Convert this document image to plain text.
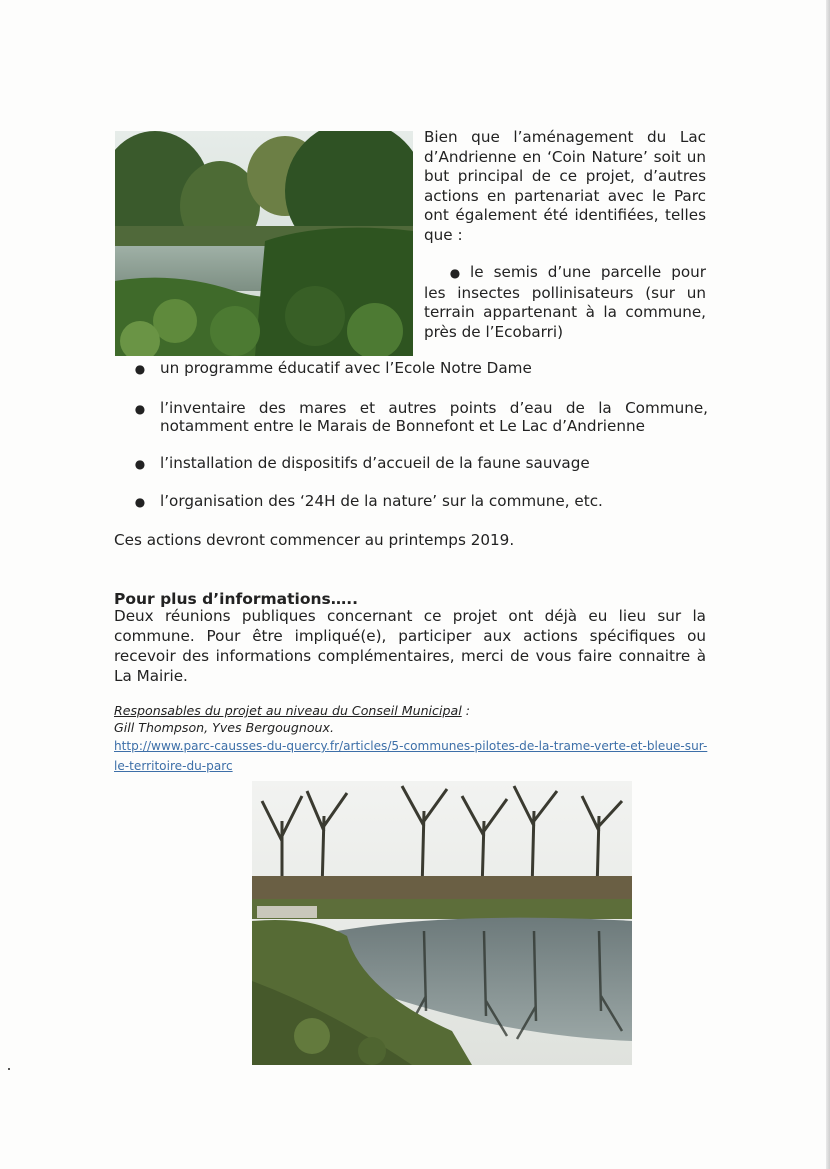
Bien que l’aménagement du Lac d’Andrienne en ‘Coin Nature’ soit un but principal de ce projet, d’autres actions en partenariat avec le Parc ont également été identifiées, telles que :
● le semis d’une parcelle pour les insectes pollinisateurs (sur un terrain appartenant à la commune, près de l’Ecobarri)
● un programme éducatif avec l’Ecole Notre Dame
● l’inventaire des mares et autres points d’eau de la Commune, notamment entre le Marais de Bonnefont et Le Lac d’Andrienne
● l’installation de dispositifs d’accueil de la faune sauvage
● l’organisation des ‘24H de la nature’ sur la commune, etc.
Ces actions devront commencer au printemps 2019.
Pour plus d’informations…..
Deux réunions publiques concernant ce projet ont déjà eu lieu sur la commune. Pour être impliqué(e), participer aux actions spécifiques ou recevoir des informations complémentaires, merci de vous faire connaitre à La Mairie.
Responsables du projet au niveau du Conseil Municipal :
Gill Thompson, Yves Bergougnoux.
http://www.parc-causses-du-quercy.fr/articles/5-communes-pilotes-de-la-trame-verte-et-bleue-sur-le-territoire-du-parc
